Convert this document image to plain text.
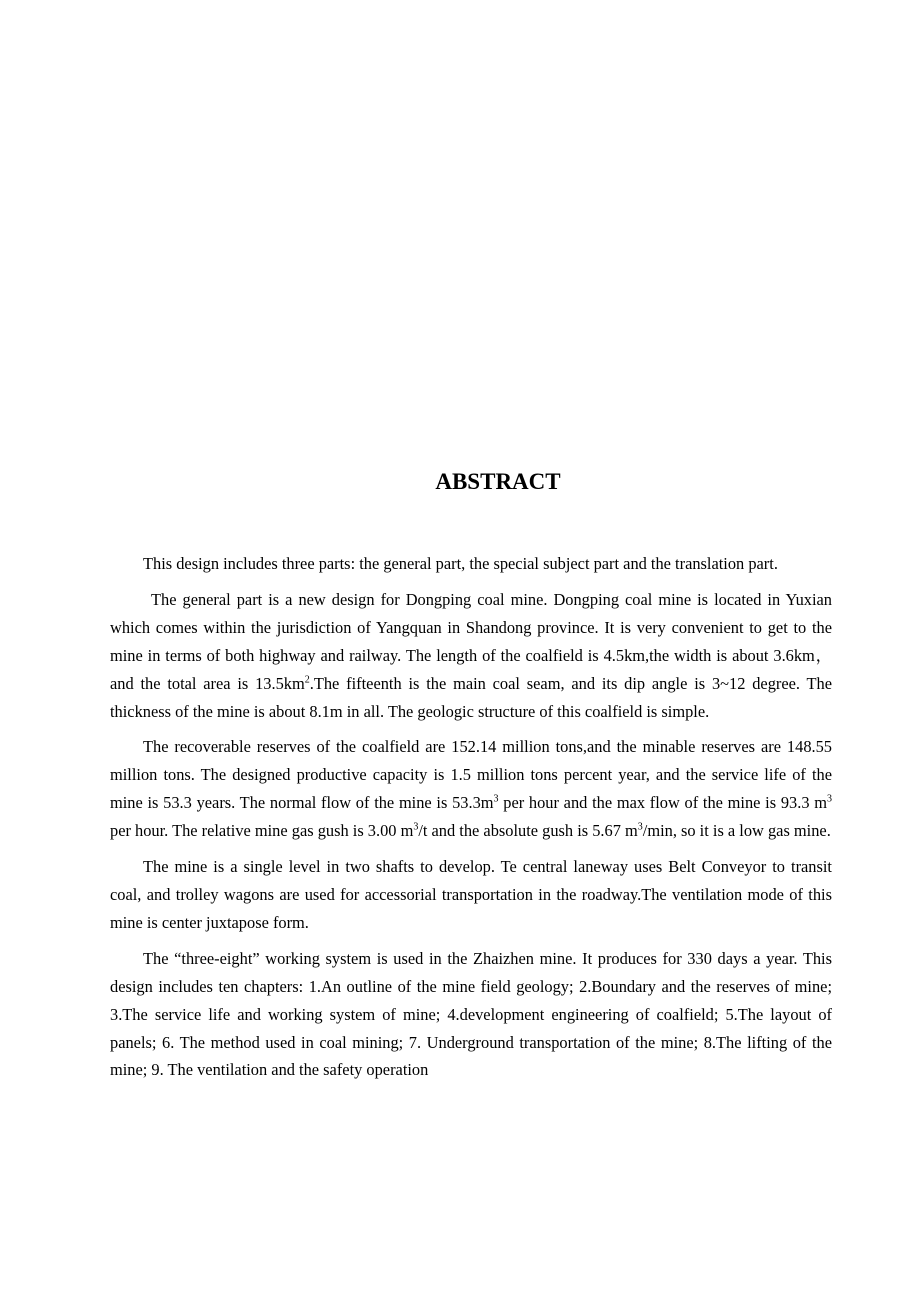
ABSTRACT

This design includes three parts: the general part, the special subject part and the translation part.

The general part is a new design for Dongping coal mine. Dongping coal mine is located in Yuxian which comes within the jurisdiction of Yangquan in Shandong province. It is very convenient to get to the mine in terms of both highway and railway. The length of the coalfield is 4.5km,the width is about 3.6km，and the total area is $13.5km^2.The$ fifteenth is the main coal seam, and its dip angle is 3~12 degree. The thickness of the mine is about 8.1m in all. The geologic structure of this coalfield is simple.

The recoverable reserves of the coalfield are 152.14 million tons,and the minable reserves are 148.55 million tons. The designed productive capacity is 1.5 million tons percent year, and the service life of the mine is 53.3 years. The normal flow of the mine is $53.3m^3$ per hour and the max flow of the mine is 93.3 $m^3$ per hour. The relative mine gas gush is 3.00 $m^3/t$ and the absolute gush is 5.67 $m^3/\min$, so it is a low gas mine.

The mine is a single level in two shafts to develop. Te central laneway uses Belt Conveyor to transit coal, and trolley wagons are used for accessorial transportation in the roadway.The ventilation mode of this mine is center juxtapose form.

The “three-eight” working system is used in the Zhaizhen mine. It produces for 330 days a year. This design includes ten chapters: 1.An outline of the mine field geology; 2.Boundary and the reserves of mine; 3.The service life and working system of mine; 4.development engineering of coalfield; 5.The layout of panels; 6. The method used in coal mining; 7. Underground transportation of the mine; 8.The lifting of the mine; 9. The ventilation and the safety operation
